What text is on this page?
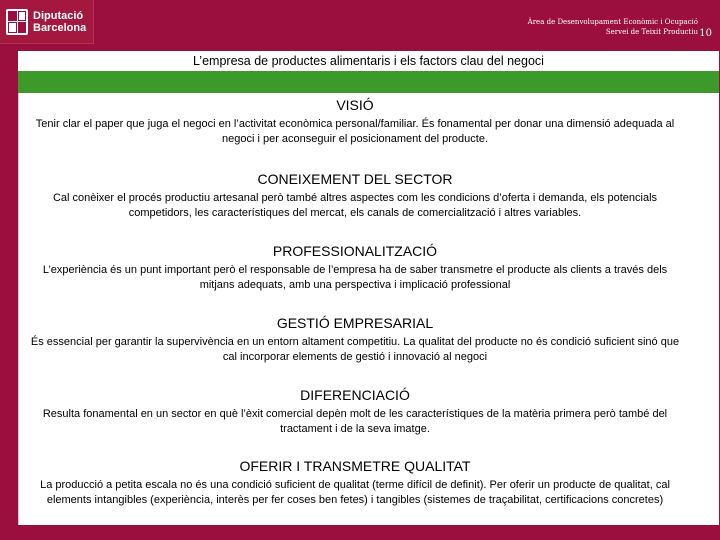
Diputació
Barcelona	Àrea de Desenvolupament Econòmic i Ocupació
Servei de Teixit Productiu 10
L’empresa de productes alimentaris i els factors clau del negoci
VISIÓ

Tenir clar el paper que juga el negoci en l’activitat econòmica personal/familiar. És fonamental per donar una dimensió adequada al negoci i per aconseguir el posicionament del producte.

CONEIXEMENT DEL SECTOR

Cal conèixer el procés productiu artesanal però també altres aspectes com les condicions d’oferta i demanda, els potencials competidors, les característiques del mercat, els canals de comercialització i altres variables.

PROFESSIONALITZACIÓ

L’experiència és un punt important però el responsable de l’empresa ha de saber transmetre el producte als clients a través dels mitjans adequats, amb una perspectiva i implicació professional

GESTIÓ EMPRESARIAL

És essencial per garantir la supervivència en un entorn altament competitiu. La qualitat del producte no és condició suficient sinó que cal incorporar elements de gestió i innovació al negoci

DIFERENCIACIÓ

Resulta fonamental en un sector en què l’èxit comercial depèn molt de les característiques de la matèria primera però també del tractament i de la seva imatge.

OFERIR I TRANSMETRE QUALITAT

La producció a petita escala no és una condició suficient de qualitat (terme difícil de definit). Per oferir un producte de qualitat, cal elements intangibles (experiència, interès per fer coses ben fetes) i tangibles (sistemes de traçabilitat, certificacions concretes)
